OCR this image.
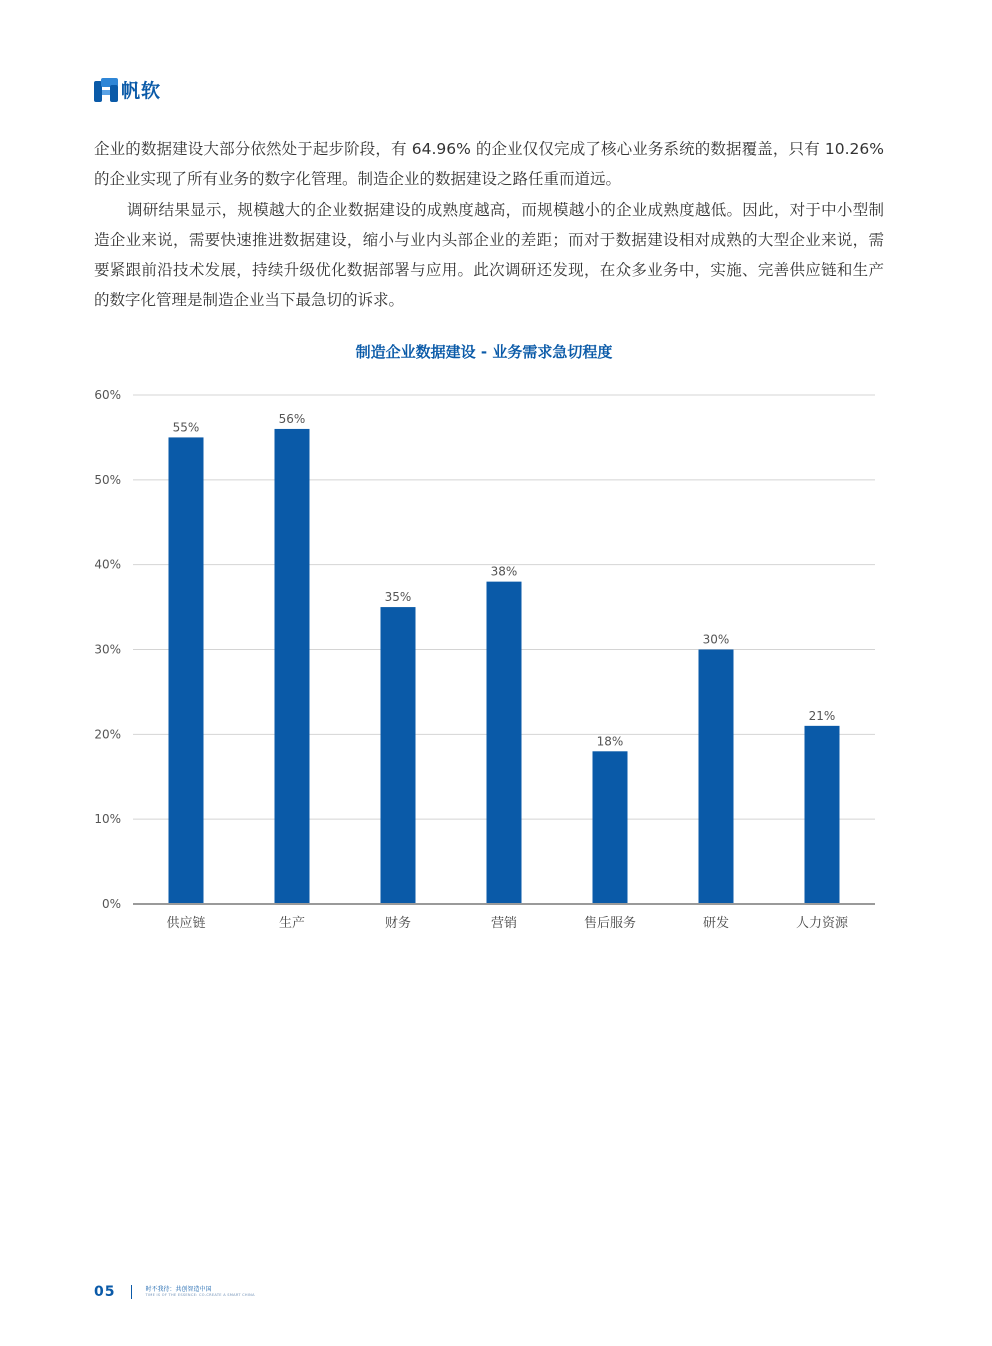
帆软

企业的数据建设大部分依然处于起步阶段，有 64.96% 的企业仅仅完成了核心业务系统的数据覆盖，只有 10.26% 的企业实现了所有业务的数字化管理。制造企业的数据建设之路任重而道远。

调研结果显示，规模越大的企业数据建设的成熟度越高，而规模越小的企业成熟度越低。因此，对于中小型制造企业来说，需要快速推进数据建设，缩小与业内头部企业的差距；而对于数据建设相对成熟的大型企业来说，需要紧跟前沿技术发展，持续升级优化数据部署与应用。此次调研还发现，在众多业务中，实施、完善供应链和生产的数字化管理是制造企业当下最急切的诉求。

制造企业数据建设 - 业务需求急切程度
0%
10%
20%
30%
40%
50%
60%
55%
供应链
56%
生产
35%
财务
38%
营销
18%
售后服务
30%
研发
21%
人力资源
05	时不我待：共创智造中国
TIME IS OF THE ESSENCE: CO-CREATE A SMART CHINA
